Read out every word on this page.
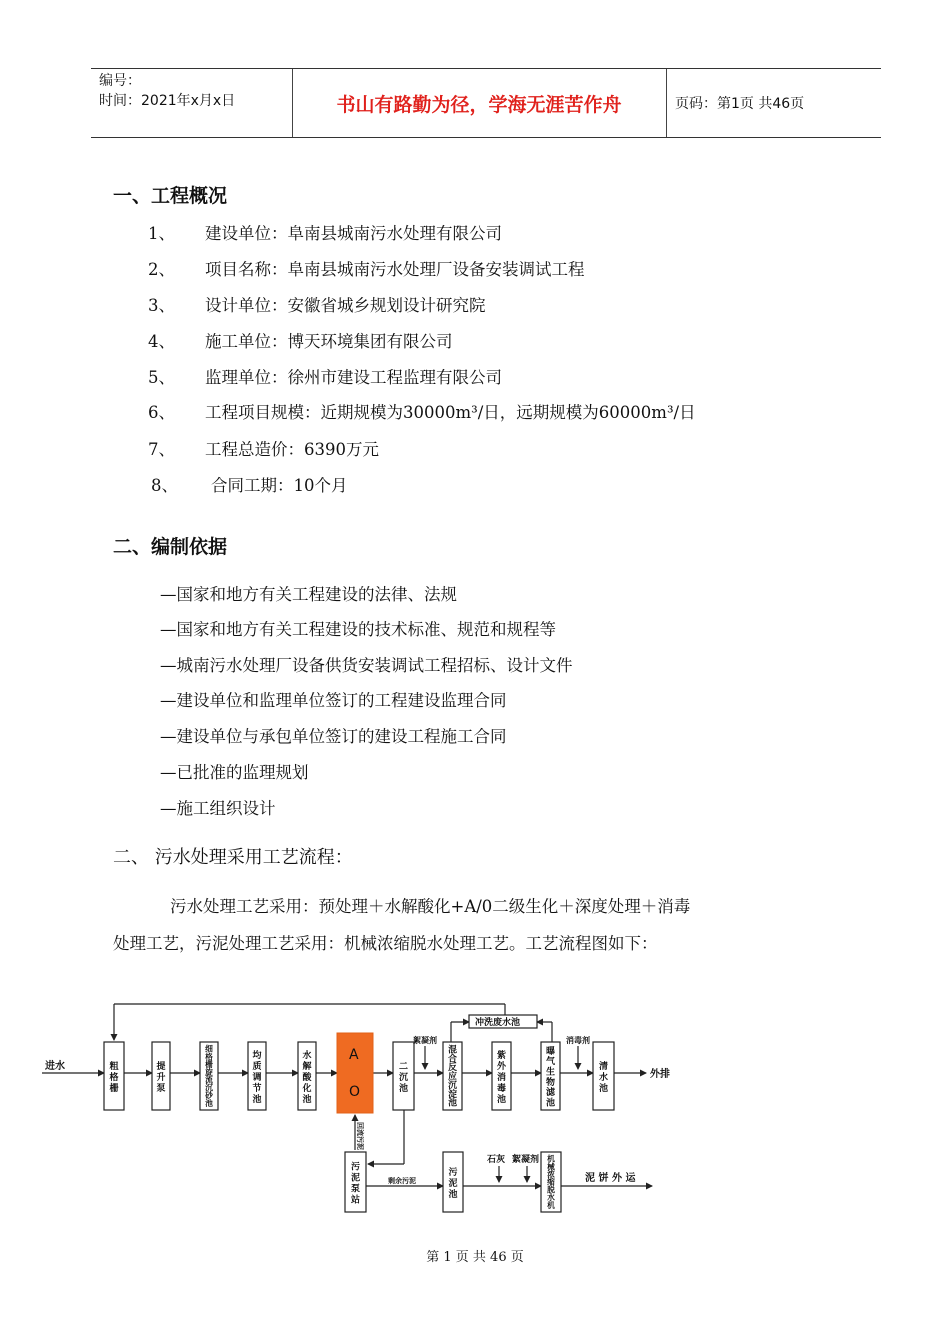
编号：
时间：2021年x月x日	书山有路勤为径，学海无涯苦作舟	页码：第1页 共46页
一、工程概况
1、 建设单位：阜南县城南污水处理有限公司
2、 项目名称：阜南县城南污水处理厂设备安装调试工程
3、 设计单位：安徽省城乡规划设计研究院
4、 施工单位：博天环境集团有限公司
5、 监理单位：徐州市建设工程监理有限公司
6、 工程项目规模：近期规模为30000m³/日，远期规模为60000m³/日
7、 工程总造价：6390万元
8、 合同工期：10个月
二、编制依据
—国家和地方有关工程建设的法律、法规
—国家和地方有关工程建设的技术标准、规范和规程等
—城南污水处理厂设备供货安装调试工程招标、设计文件
—建设单位和监理单位签订的工程建设监理合同
—建设单位与承包单位签订的建设工程施工合同
—已批准的监理规划
—施工组织设计
二、 污水处理采用工艺流程：
污水处理工艺采用：预处理＋水解酸化+A/0二级生化＋深度处理＋消毒
处理工艺，污泥处理工艺采用：机械浓缩脱水处理工艺。工艺流程图如下：
进水
外排
泥 饼 外 运
冲洗废水池
絮凝剂	消毒剂
石灰 絮凝剂
剩余污泥
A
O
回流污泥
粗格栅
提升泵
细格栅旋流沉砂池
均质调节池
水解酸化池
二沉池
混合反应沉淀池
紫外消毒池
曝气生物滤池
清水池
污泥泵站
污泥池
机械浓缩脱水机
第 1 页 共 46 页
